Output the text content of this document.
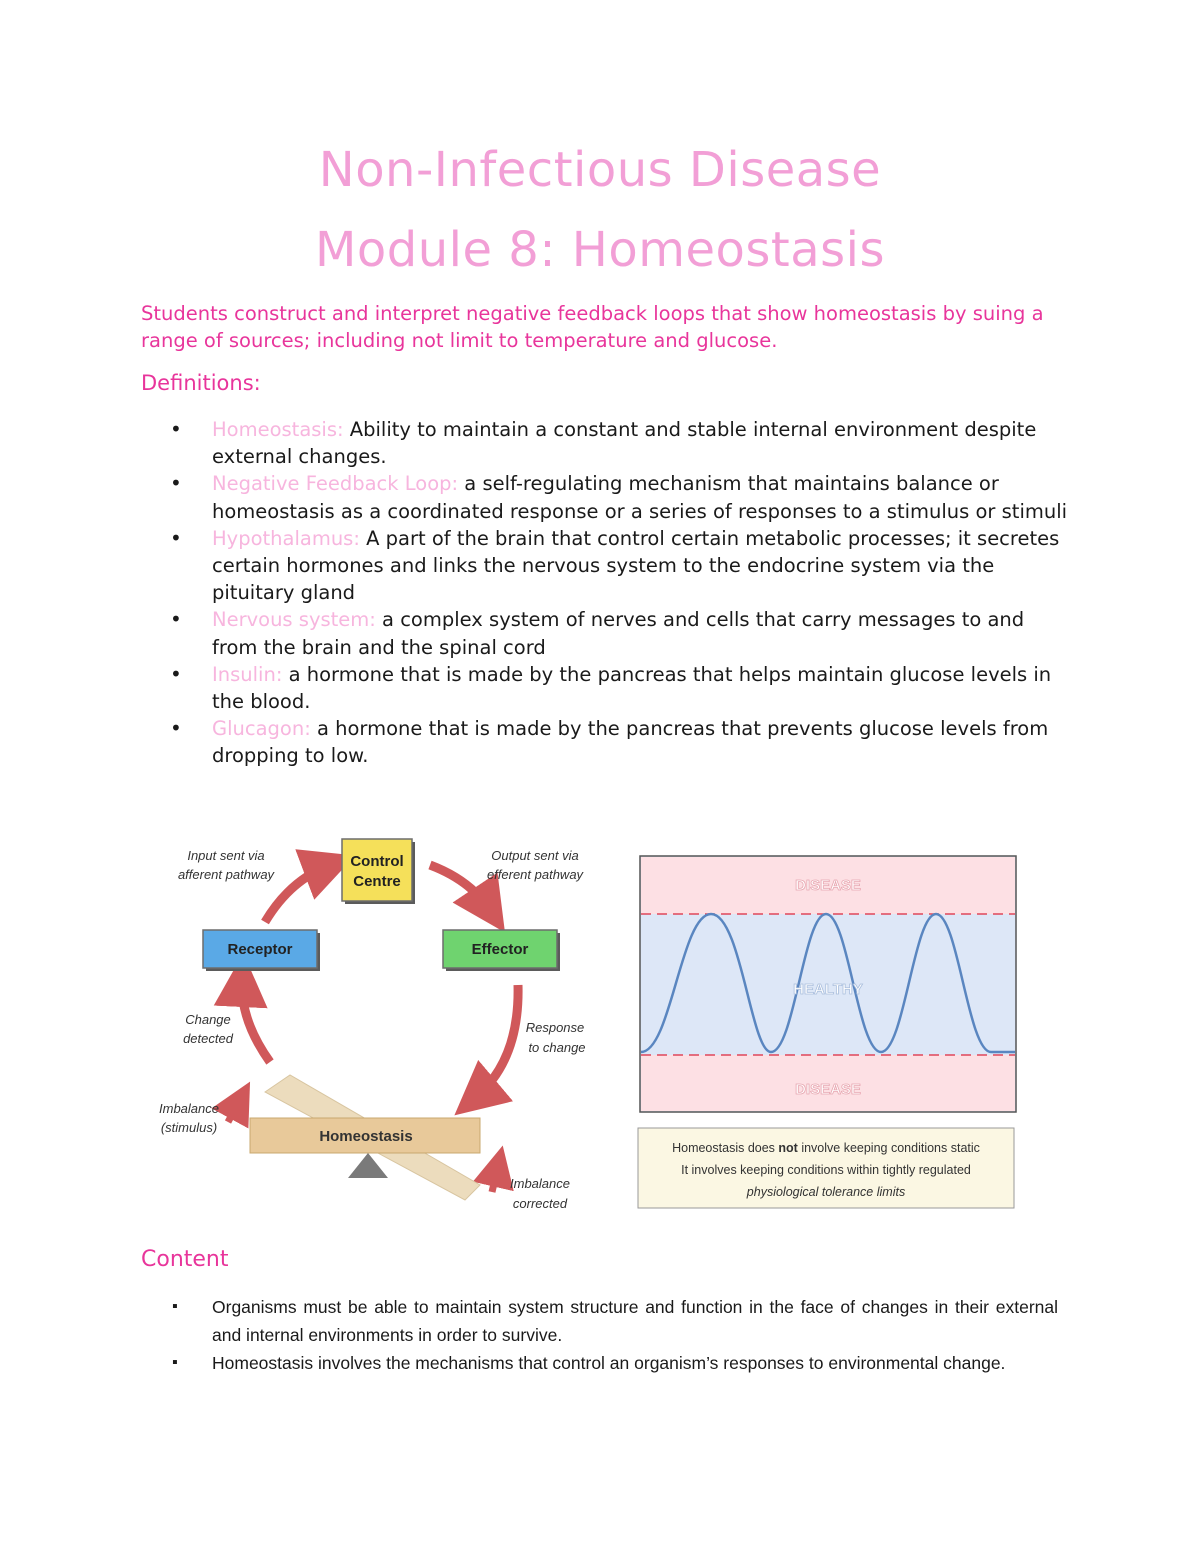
Non-Infectious Disease
Module 8: Homeostasis

Students construct and interpret negative feedback loops that show homeostasis by suing a range of sources; including not limit to temperature and glucose.

Definitions:
• Homeostasis: Ability to maintain a constant and stable internal environment despite external changes.
• Negative Feedback Loop: a self-regulating mechanism that maintains balance or homeostasis as a coordinated response or a series of responses to a stimulus or stimuli
• Hypothalamus: A part of the brain that control certain metabolic processes; it secretes certain hormones and links the nervous system to the endocrine system via the pituitary gland
• Nervous system: a complex system of nerves and cells that carry messages to and from the brain and the spinal cord
• Insulin: a hormone that is made by the pancreas that helps maintain glucose levels in the blood.
• Glucagon: a hormone that is made by the pancreas that prevents glucose levels from dropping to low.
Control
Centre
Receptor	Effector
Homeostasis
Input sent via
afferent pathway
Output sent via
efferent pathway
Change
detected
Response
to change
Imbalance
(stimulus)
Imbalance
corrected
DISEASE
HEALTHY
DISEASE
Homeostasis does not involve keeping conditions static
It involves keeping conditions within tightly regulated
physiological tolerance limits
Content
▪ Organisms must be able to maintain system structure and function in the face of changes in their external and internal environments in order to survive.
▪ Homeostasis involves the mechanisms that control an organism’s responses to environmental change.
